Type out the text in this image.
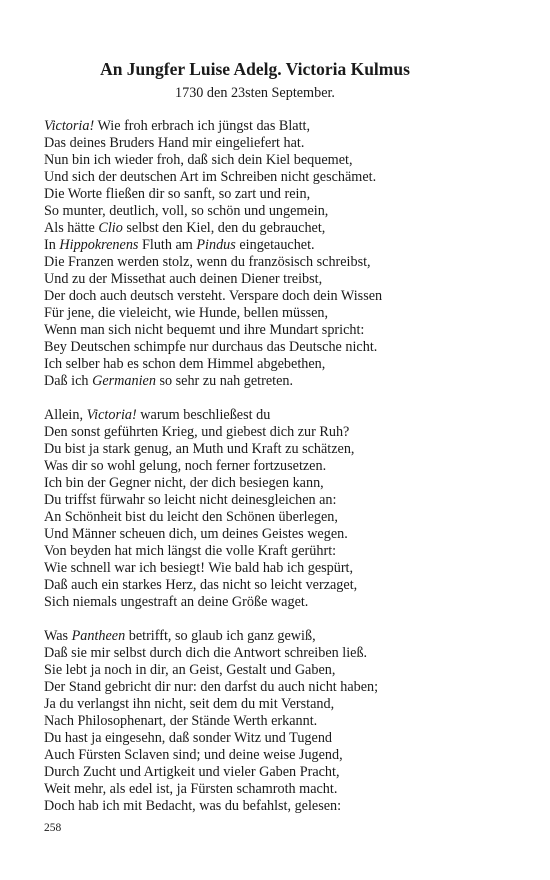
An Jungfer Luise Adelg. Victoria Kulmus
1730 den 23sten September.
Victoria! Wie froh erbrach ich jüngst das Blatt,
Das deines Bruders Hand mir eingeliefert hat.
Nun bin ich wieder froh, daß sich dein Kiel bequemet,
Und sich der deutschen Art im Schreiben nicht geschämet.
Die Worte fließen dir so sanft, so zart und rein,
So munter, deutlich, voll, so schön und ungemein,
Als hätte Clio selbst den Kiel, den du gebrauchet,
In Hippokrenens Fluth am Pindus eingetauchet.
Die Franzen werden stolz, wenn du französisch schreibst,
Und zu der Missethat auch deinen Diener treibst,
Der doch auch deutsch versteht. Verspare doch dein Wissen
Für jene, die vieleicht, wie Hunde, bellen müssen,
Wenn man sich nicht bequemt und ihre Mundart spricht:
Bey Deutschen schimpfe nur durchaus das Deutsche nicht.
Ich selber hab es schon dem Himmel abgebethen,
Daß ich Germanien so sehr zu nah getreten.
Allein, Victoria! warum beschließest du
Den sonst geführten Krieg, und giebest dich zur Ruh?
Du bist ja stark genug, an Muth und Kraft zu schätzen,
Was dir so wohl gelung, noch ferner fortzusetzen.
Ich bin der Gegner nicht, der dich besiegen kann,
Du triffst fürwahr so leicht nicht deinesgleichen an:
An Schönheit bist du leicht den Schönen überlegen,
Und Männer scheuen dich, um deines Geistes wegen.
Von beyden hat mich längst die volle Kraft gerührt:
Wie schnell war ich besiegt! Wie bald hab ich gespürt,
Daß auch ein starkes Herz, das nicht so leicht verzaget,
Sich niemals ungestraft an deine Größe waget.
Was Pantheen betrifft, so glaub ich ganz gewiß,
Daß sie mir selbst durch dich die Antwort schreiben ließ.
Sie lebt ja noch in dir, an Geist, Gestalt und Gaben,
Der Stand gebricht dir nur: den darfst du auch nicht haben;
Ja du verlangst ihn nicht, seit dem du mit Verstand,
Nach Philosophenart, der Stände Werth erkannt.
Du hast ja eingesehn, daß sonder Witz und Tugend
Auch Fürsten Sclaven sind; und deine weise Jugend,
Durch Zucht und Artigkeit und vieler Gaben Pracht,
Weit mehr, als edel ist, ja Fürsten schamroth macht.
Doch hab ich mit Bedacht, was du befahlst, gelesen:
258
